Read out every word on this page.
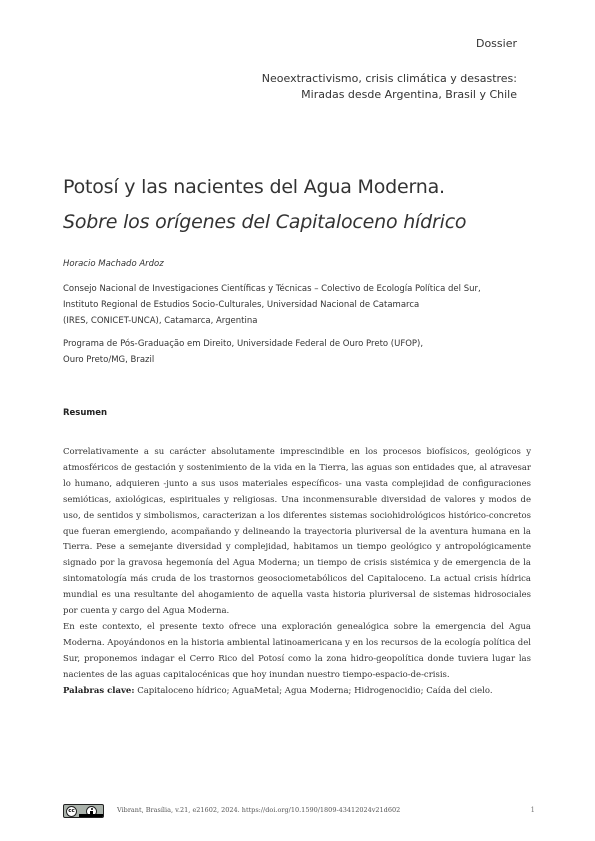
Dossier
Neoextractivismo, crisis climática y desastres:
Miradas desde Argentina, Brasil y Chile
Potosí y las nacientes del Agua Moderna.
Sobre los orígenes del Capitaloceno hídrico
Horacio Machado Ardoz
Consejo Nacional de Investigaciones Científicas y Técnicas – Colectivo de Ecología Política del Sur,
Instituto Regional de Estudios Socio-Culturales, Universidad Nacional de Catamarca
(IRES, CONICET-UNCA), Catamarca, Argentina
Programa de Pós-Graduação em Direito, Universidade Federal de Ouro Preto (UFOP),
Ouro Preto/MG, Brazil
Resumen

Correlativamente a su carácter absolutamente imprescindible en los procesos biofísicos, geológicos y atmosféricos de gestación y sostenimiento de la vida en la Tierra, las aguas son entidades que, al atravesar lo humano, adquieren -junto a sus usos materiales específicos- una vasta complejidad de configuraciones semióticas, axiológicas, espirituales y religiosas. Una inconmensurable diversidad de valores y modos de uso, de sentidos y simbolismos, caracterizan a los diferentes sistemas sociohidrológicos histórico-concretos que fueran emergiendo, acompañando y delineando la trayectoria pluriversal de la aventura humana en la Tierra. Pese a semejante diversidad y complejidad, habitamos un tiempo geológico y antropológicamente signado por la gravosa hegemonía del Agua Moderna; un tiempo de crisis sistémica y de emergencia de la sintomatología más cruda de los trastornos geosociometabólicos del Capitaloceno. La actual crisis hídrica mundial es una resultante del ahogamiento de aquella vasta historia pluriversal de sistemas hidrosociales por cuenta y cargo del Agua Moderna.

En este contexto, el presente texto ofrece una exploración genealógica sobre la emergencia del Agua Moderna. Apoyándonos en la historia ambiental latinoamericana y en los recursos de la ecología política del Sur, proponemos indagar el Cerro Rico del Potosí como la zona hidro-geopolítica donde tuviera lugar las nacientes de las aguas capitalocénicas que hoy inundan nuestro tiempo-espacio-de-crisis.

Palabras clave: Capitaloceno hídrico; AguaMetal; Agua Moderna; Hidrogenocidio; Caída del cielo.

cc	Vibrant, Brasília, v.21, e21602, 2024. https://doi.org/10.1590/1809-43412024v21d602	1
